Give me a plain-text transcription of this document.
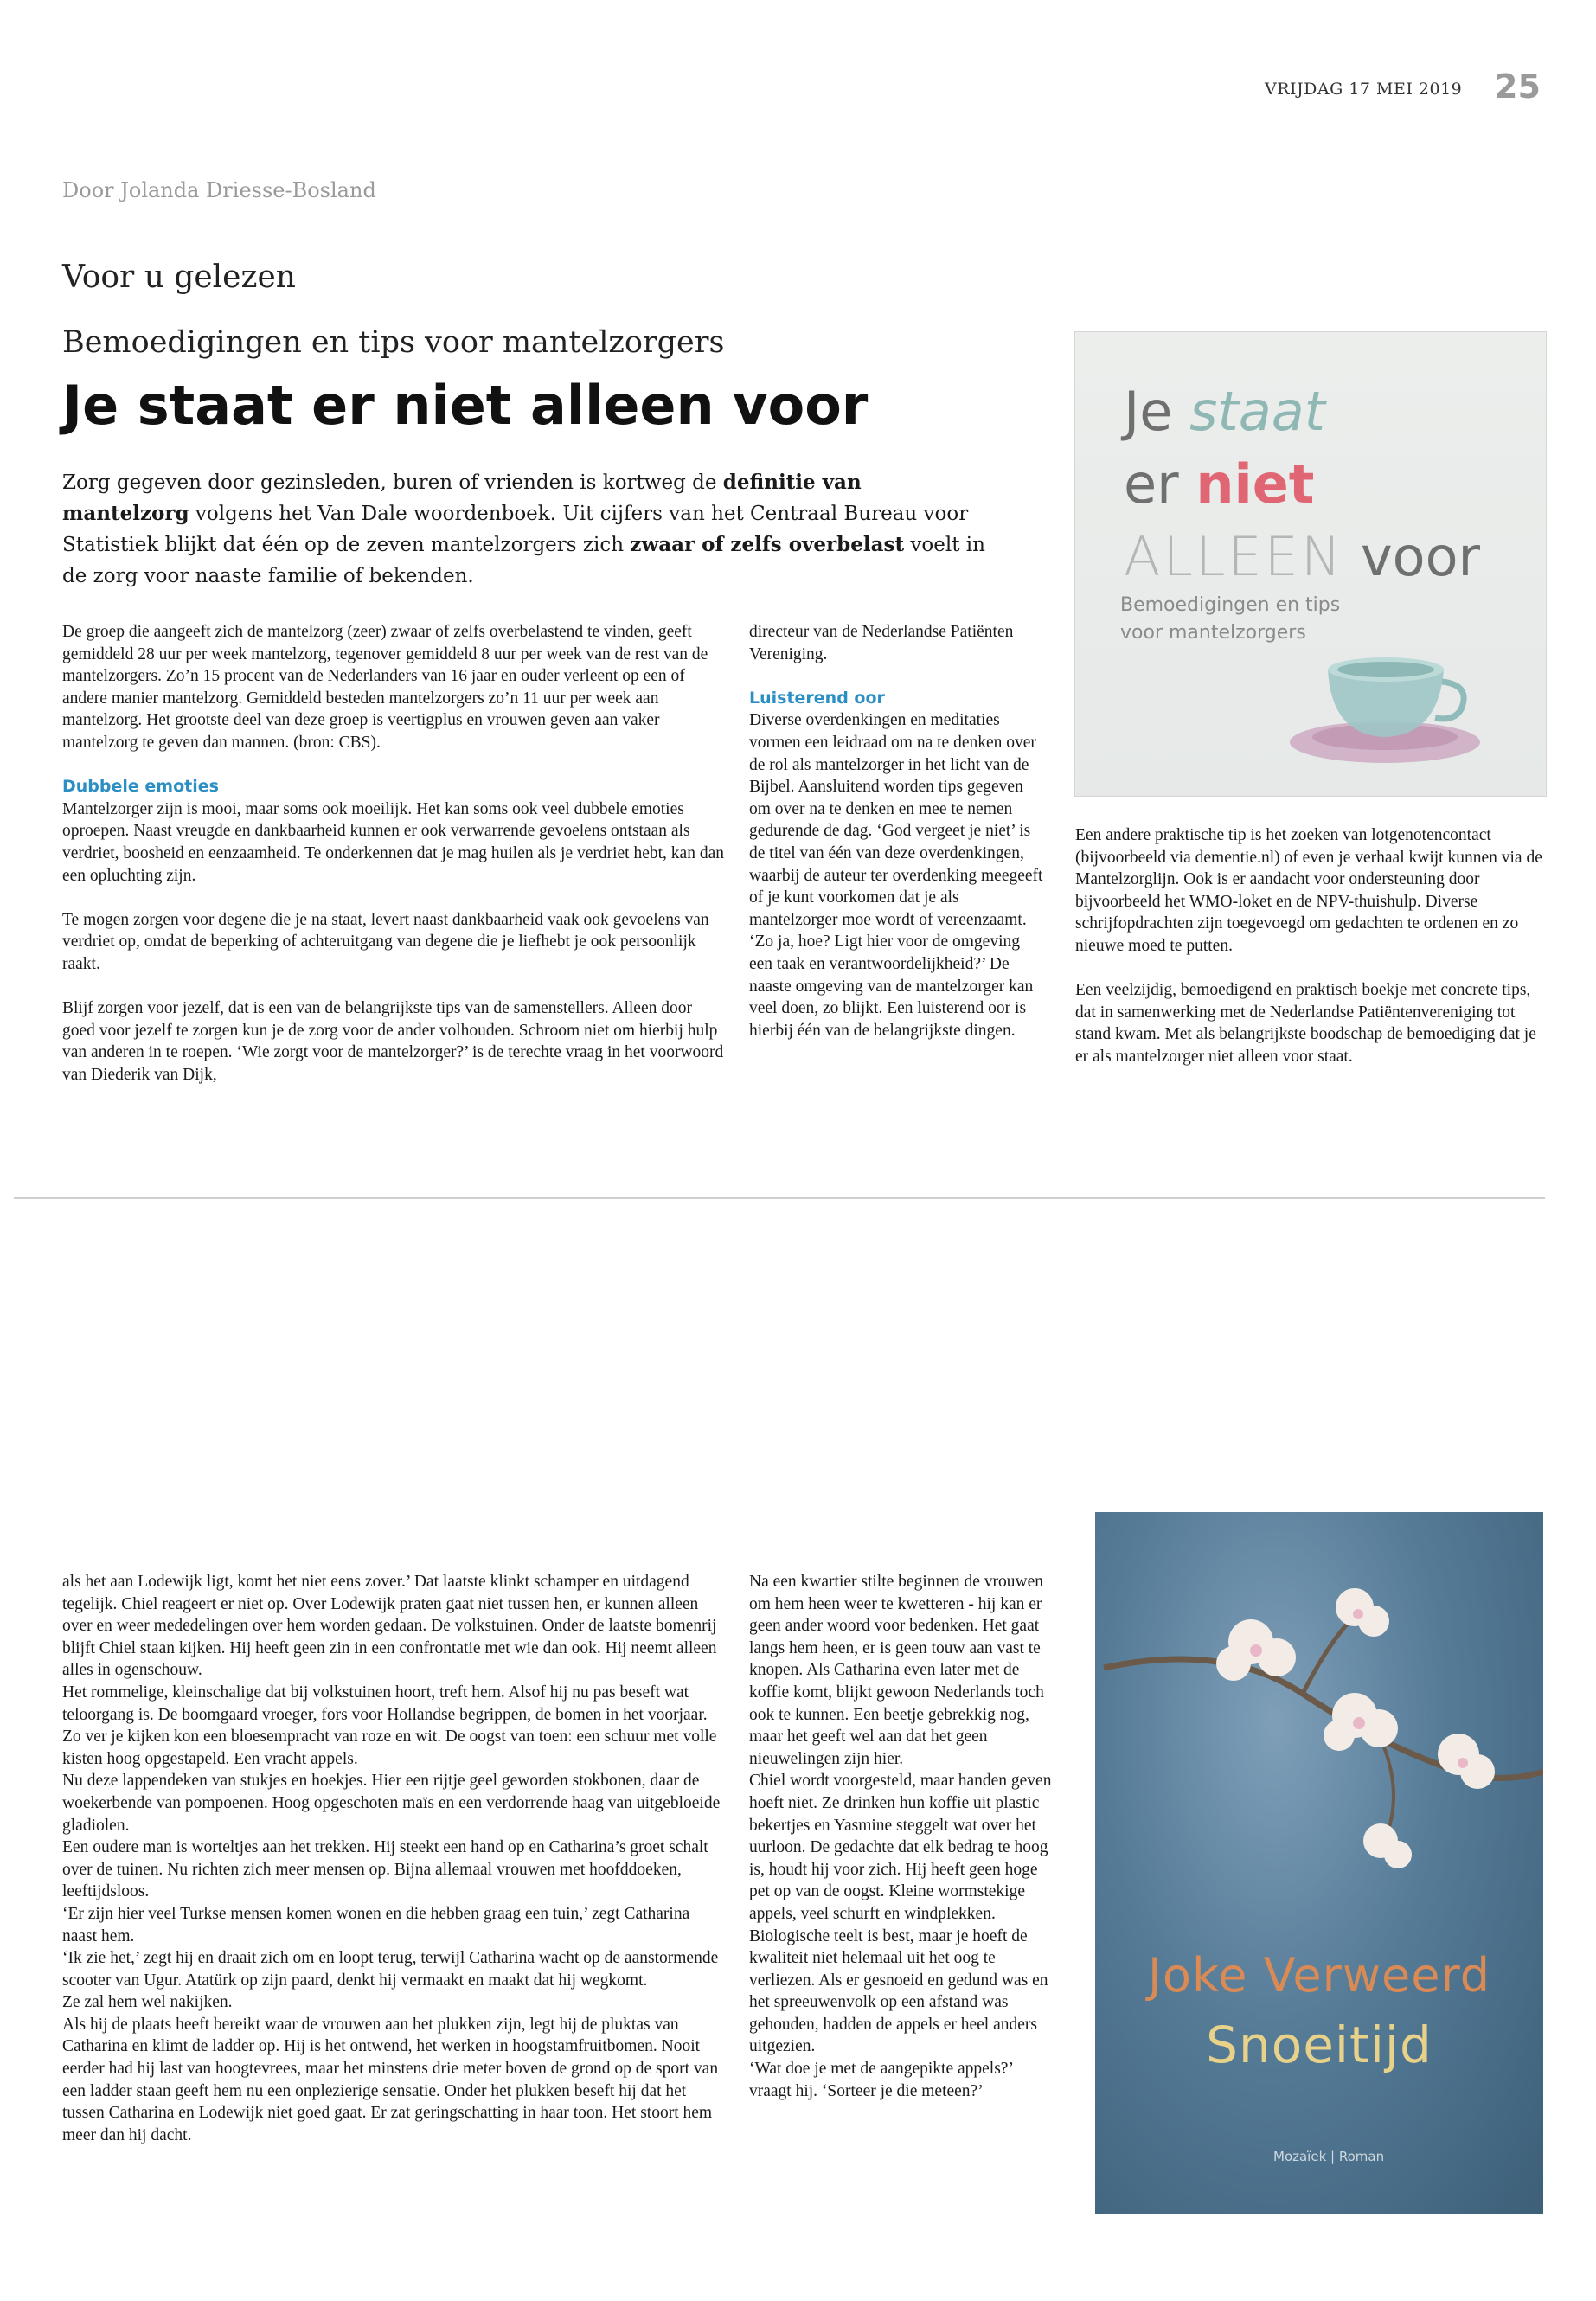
VRIJDAG 17 MEI 2019 25
Door Jolanda Driesse-Bosland
Voor u gelezen
Bemoedigingen en tips voor mantelzorgers
Je staat er niet alleen voor
Zorg gegeven door gezinsleden, buren of vrienden is kortweg de definitie van mantelzorg volgens het Van Dale woordenboek. Uit cijfers van het Centraal Bureau voor Statistiek blijkt dat één op de zeven mantelzorgers zich zwaar of zelfs overbelast voelt in de zorg voor naaste familie of bekenden.

De groep die aangeeft zich de mantelzorg (zeer) zwaar of zelfs overbelastend te vinden, geeft gemiddeld 28 uur per week mantelzorg, tegenover gemiddeld 8 uur per week van de rest van de mantelzorgers. Zo’n 15 procent van de Nederlanders van 16 jaar en ouder verleent op een of andere manier mantelzorg. Gemiddeld besteden mantelzorgers zo’n 11 uur per week aan mantelzorg. Het grootste deel van deze groep is veertigplus en vrouwen geven aan vaker mantelzorg te geven dan mannen. (bron: CBS).

Dubbele emoties

Mantelzorger zijn is mooi, maar soms ook moeilijk. Het kan soms ook veel dubbele emoties oproepen. Naast vreugde en dankbaarheid kunnen er ook verwarrende gevoelens ontstaan als verdriet, boosheid en eenzaamheid. Te onderkennen dat je mag huilen als je verdriet hebt, kan dan een opluchting zijn.

Te mogen zorgen voor degene die je na staat, levert naast dankbaarheid vaak ook gevoelens van verdriet op, omdat de beperking of achteruitgang van degene die je liefhebt je ook persoonlijk raakt.

Blijf zorgen voor jezelf, dat is een van de belangrijkste tips van de samenstellers. Alleen door goed voor jezelf te zorgen kun je de zorg voor de ander volhouden. Schroom niet om hierbij hulp van anderen in te roepen. ‘Wie zorgt voor de mantelzorger?’ is de terechte vraag in het voorwoord van Diederik van Dijk,

directeur van de Nederlandse Patiënten Vereniging.

Luisterend oor

Diverse overdenkingen en meditaties vormen een leidraad om na te denken over de rol als mantelzorger in het licht van de Bijbel. Aansluitend worden tips gegeven om over na te denken en mee te nemen gedurende de dag. ‘God vergeet je niet’ is de titel van één van deze overdenkingen, waarbij de auteur ter overdenking meegeeft of je kunt voorkomen dat je als mantelzorger moe wordt of vereenzaamt. ‘Zo ja, hoe? Ligt hier voor de omgeving een taak en verantwoordelijkheid?’ De naaste omgeving van de mantelzorger kan veel doen, zo blijkt. Een luisterend oor is hierbij één van de belangrijkste dingen.

Een andere praktische tip is het zoeken van lotgenotencontact (bijvoorbeeld via dementie.nl) of even je verhaal kwijt kunnen via de Mantelzorglijn. Ook is er aandacht voor ondersteuning door bijvoorbeeld het WMO-loket en de NPV-thuishulp. Diverse schrijfopdrachten zijn toegevoegd om gedachten te ordenen en zo nieuwe moed te putten.

Een veelzijdig, bemoedigend en praktisch boekje met concrete tips, dat in samenwerking met de Nederlandse Patiëntenvereniging tot stand kwam. Met als belangrijkste boodschap de bemoediging dat je er als mantelzorger niet alleen voor staat.

Je staat
er niet
ALLEEN voor
Bemoedigingen en tips
voor mantelzorgers

als het aan Lodewijk ligt, komt het niet eens zover.’ Dat laatste klinkt schamper en uitdagend tegelijk. Chiel reageert er niet op. Over Lodewijk praten gaat niet tussen hen, er kunnen alleen over en weer mededelingen over hem worden gedaan. De volkstuinen. Onder de laatste bomenrij blijft Chiel staan kijken. Hij heeft geen zin in een confrontatie met wie dan ook. Hij neemt alleen alles in ogenschouw.

Het rommelige, kleinschalige dat bij volkstuinen hoort, treft hem. Alsof hij nu pas beseft wat teloorgang is. De boomgaard vroeger, fors voor Hollandse begrippen, de bomen in het voorjaar. Zo ver je kijken kon een bloesempracht van roze en wit. De oogst van toen: een schuur met volle kisten hoog opgestapeld. Een vracht appels.

Nu deze lappendeken van stukjes en hoekjes. Hier een rijtje geel geworden stokbonen, daar de woekerbende van pompoenen. Hoog opgeschoten maïs en een verdorrende haag van uitgebloeide gladiolen.

Een oudere man is worteltjes aan het trekken. Hij steekt een hand op en Catharina’s groet schalt over de tuinen. Nu richten zich meer mensen op. Bijna allemaal vrouwen met hoofddoeken, leeftijdsloos.

‘Er zijn hier veel Turkse mensen komen wonen en die hebben graag een tuin,’ zegt Catharina naast hem.

‘Ik zie het,’ zegt hij en draait zich om en loopt terug, terwijl Catharina wacht op de aanstormende scooter van Ugur. Atatürk op zijn paard, denkt hij vermaakt en maakt dat hij wegkomt.

Ze zal hem wel nakijken.

Als hij de plaats heeft bereikt waar de vrouwen aan het plukken zijn, legt hij de pluktas van Catharina en klimt de ladder op. Hij is het ontwend, het werken in hoogstamfruitbomen. Nooit eerder had hij last van hoogtevrees, maar het minstens drie meter boven de grond op de sport van een ladder staan geeft hem nu een onplezierige sensatie. Onder het plukken beseft hij dat het tussen Catharina en Lodewijk niet goed gaat. Er zat geringschatting in haar toon. Het stoort hem meer dan hij dacht.

Na een kwartier stilte beginnen de vrouwen om hem heen weer te kwetteren - hij kan er geen ander woord voor bedenken. Het gaat langs hem heen, er is geen touw aan vast te knopen. Als Catharina even later met de koffie komt, blijkt gewoon Nederlands toch ook te kunnen. Een beetje gebrekkig nog, maar het geeft wel aan dat het geen nieuwelingen zijn hier.

Chiel wordt voorgesteld, maar handen geven hoeft niet. Ze drinken hun koffie uit plastic bekertjes en Yasmine steggelt wat over het uurloon. De gedachte dat elk bedrag te hoog is, houdt hij voor zich. Hij heeft geen hoge pet op van de oogst. Kleine wormstekige appels, veel schurft en windplekken.

Biologische teelt is best, maar je hoeft de kwaliteit niet helemaal uit het oog te verliezen. Als er gesnoeid en gedund was en het spreeuwenvolk op een afstand was gehouden, hadden de appels er heel anders uitgezien.

‘Wat doe je met de aangepikte appels?’ vraagt hij. ‘Sorteer je die meteen?’

Joke Verweerd
Snoeitijd
Mozaïek | Roman
